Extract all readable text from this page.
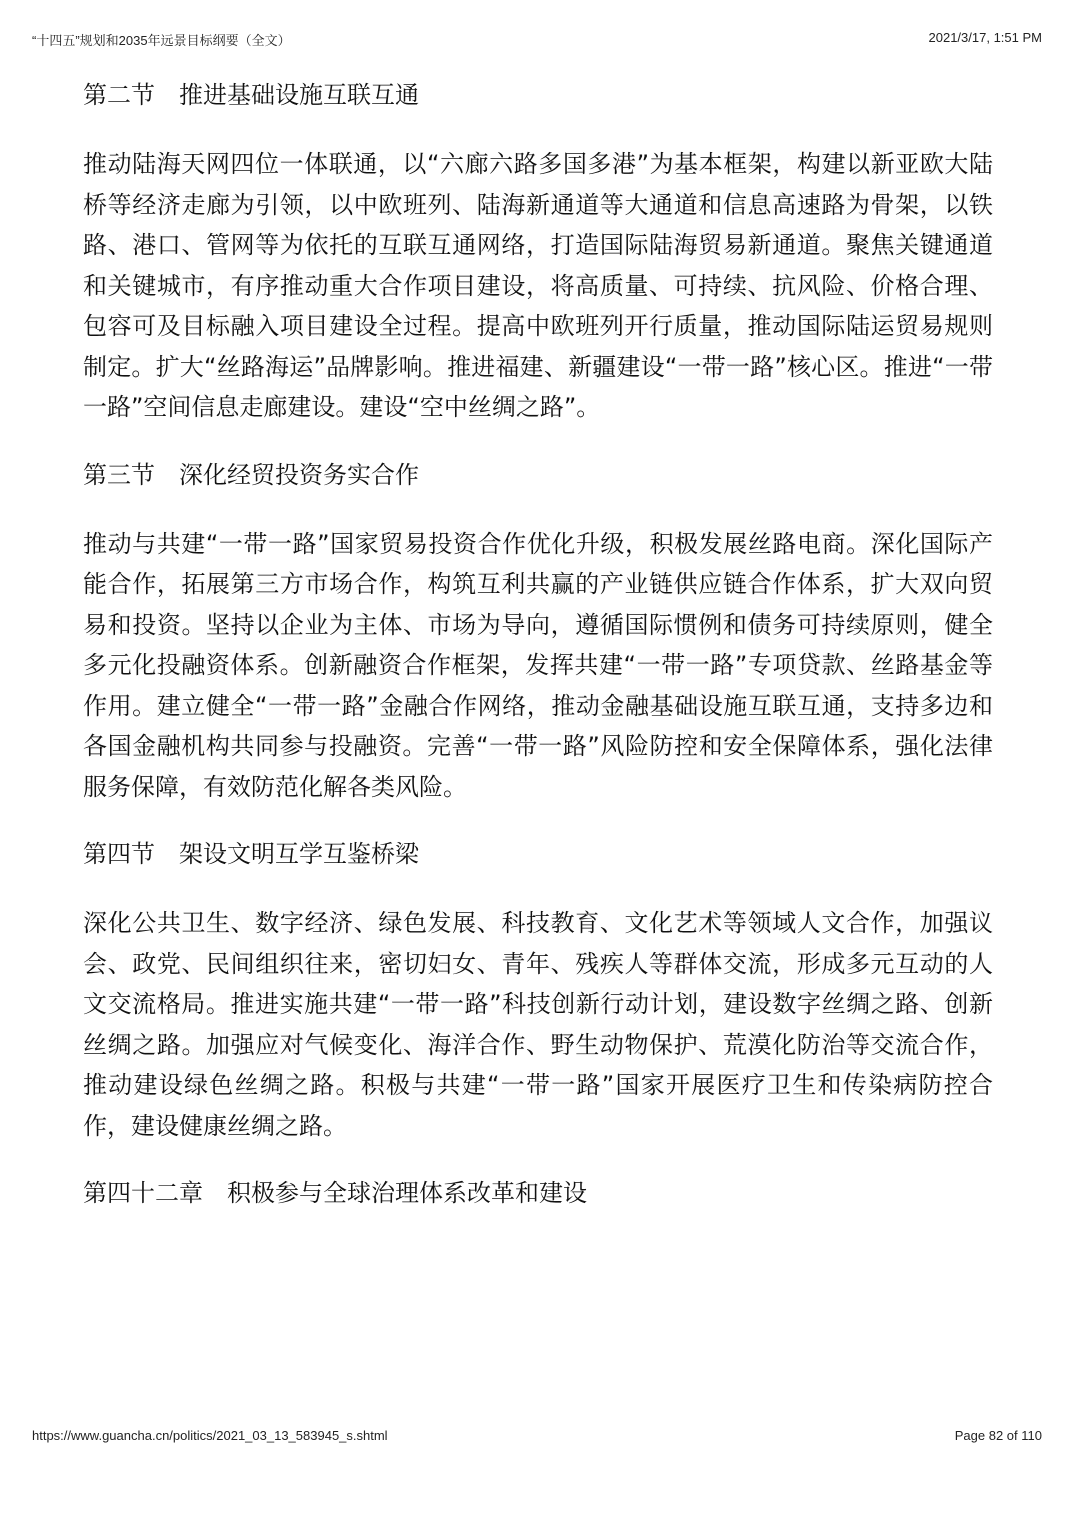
“十四五”规划和2035年远景目标纲要（全文）	2021/3/17, 1:51 PM
第二节　推进基础设施互联互通

推动陆海天网四位一体联通，以“六廊六路多国多港”为基本框架，构建以新亚欧大陆桥等经济走廊为引领，以中欧班列、陆海新通道等大通道和信息高速路为骨架，以铁路、港口、管网等为依托的互联互通网络，打造国际陆海贸易新通道。聚焦关键通道和关键城市，有序推动重大合作项目建设，将高质量、可持续、抗风险、价格合理、包容可及目标融入项目建设全过程。提高中欧班列开行质量，推动国际陆运贸易规则制定。扩大“丝路海运”品牌影响。推进福建、新疆建设“一带一路”核心区。推进“一带一路”空间信息走廊建设。建设“空中丝绸之路”。

第三节　深化经贸投资务实合作

推动与共建“一带一路”国家贸易投资合作优化升级，积极发展丝路电商。深化国际产能合作，拓展第三方市场合作，构筑互利共赢的产业链供应链合作体系，扩大双向贸易和投资。坚持以企业为主体、市场为导向，遵循国际惯例和债务可持续原则，健全多元化投融资体系。创新融资合作框架，发挥共建“一带一路”专项贷款、丝路基金等作用。建立健全“一带一路”金融合作网络，推动金融基础设施互联互通，支持多边和各国金融机构共同参与投融资。完善“一带一路”风险防控和安全保障体系，强化法律服务保障，有效防范化解各类风险。

第四节　架设文明互学互鉴桥梁

深化公共卫生、数字经济、绿色发展、科技教育、文化艺术等领域人文合作，加强议会、政党、民间组织往来，密切妇女、青年、残疾人等群体交流，形成多元互动的人文交流格局。推进实施共建“一带一路”科技创新行动计划，建设数字丝绸之路、创新丝绸之路。加强应对气候变化、海洋合作、野生动物保护、荒漠化防治等交流合作，推动建设绿色丝绸之路。积极与共建“一带一路”国家开展医疗卫生和传染病防控合作，建设健康丝绸之路。

第四十二章　积极参与全球治理体系改革和建设
https://www.guancha.cn/politics/2021_03_13_583945_s.shtml	Page 82 of 110
